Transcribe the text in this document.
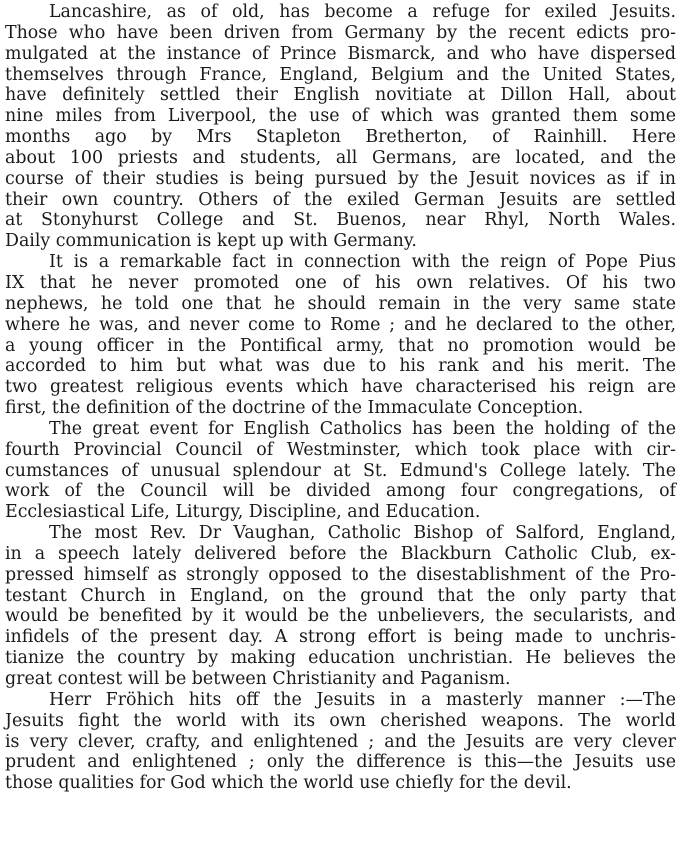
Lancashire, as of old, has become a refuge for exiled Jesuits.
Those who have been driven from Germany by the recent edicts pro-
mulgated at the instance of Prince Bismarck, and who have dispersed
themselves through France, England, Belgium and the United States,
have definitely settled their English novitiate at Dillon Hall, about
nine miles from Liverpool, the use of which was granted them some
months ago by Mrs Stapleton Bretherton, of Rainhill. Here
about 100 priests and students, all Germans, are located, and the
course of their studies is being pursued by the Jesuit novices as if in
their own country. Others of the exiled German Jesuits are settled
at Stonyhurst College and St. Buenos, near Rhyl, North Wales.
Daily communication is kept up with Germany.

It is a remarkable fact in connection with the reign of Pope Pius
IX that he never promoted one of his own relatives. Of his two
nephews, he told one that he should remain in the very same state
where he was, and never come to Rome ; and he declared to the other,
a young officer in the Pontifical army, that no promotion would be
accorded to him but what was due to his rank and his merit. The
two greatest religious events which have characterised his reign are
first, the definition of the doctrine of the Immaculate Conception.

The great event for English Catholics has been the holding of the
fourth Provincial Council of Westminster, which took place with cir-
cumstances of unusual splendour at St. Edmund's College lately. The
work of the Council will be divided among four congregations, of
Ecclesiastical Life, Liturgy, Discipline, and Education.

The most Rev. Dr Vaughan, Catholic Bishop of Salford, England,
in a speech lately delivered before the Blackburn Catholic Club, ex-
pressed himself as strongly opposed to the disestablishment of the Pro-
testant Church in England, on the ground that the only party that
would be benefited by it would be the unbelievers, the secularists, and
infidels of the present day. A strong effort is being made to unchris-
tianize the country by making education unchristian. He believes the
great contest will be between Christianity and Paganism.

Herr Fröhich hits off the Jesuits in a masterly manner :—The
Jesuits fight the world with its own cherished weapons. The world
is very clever, crafty, and enlightened ; and the Jesuits are very clever
prudent and enlightened ; only the difference is this—the Jesuits use
those qualities for God which the world use chiefly for the devil.
